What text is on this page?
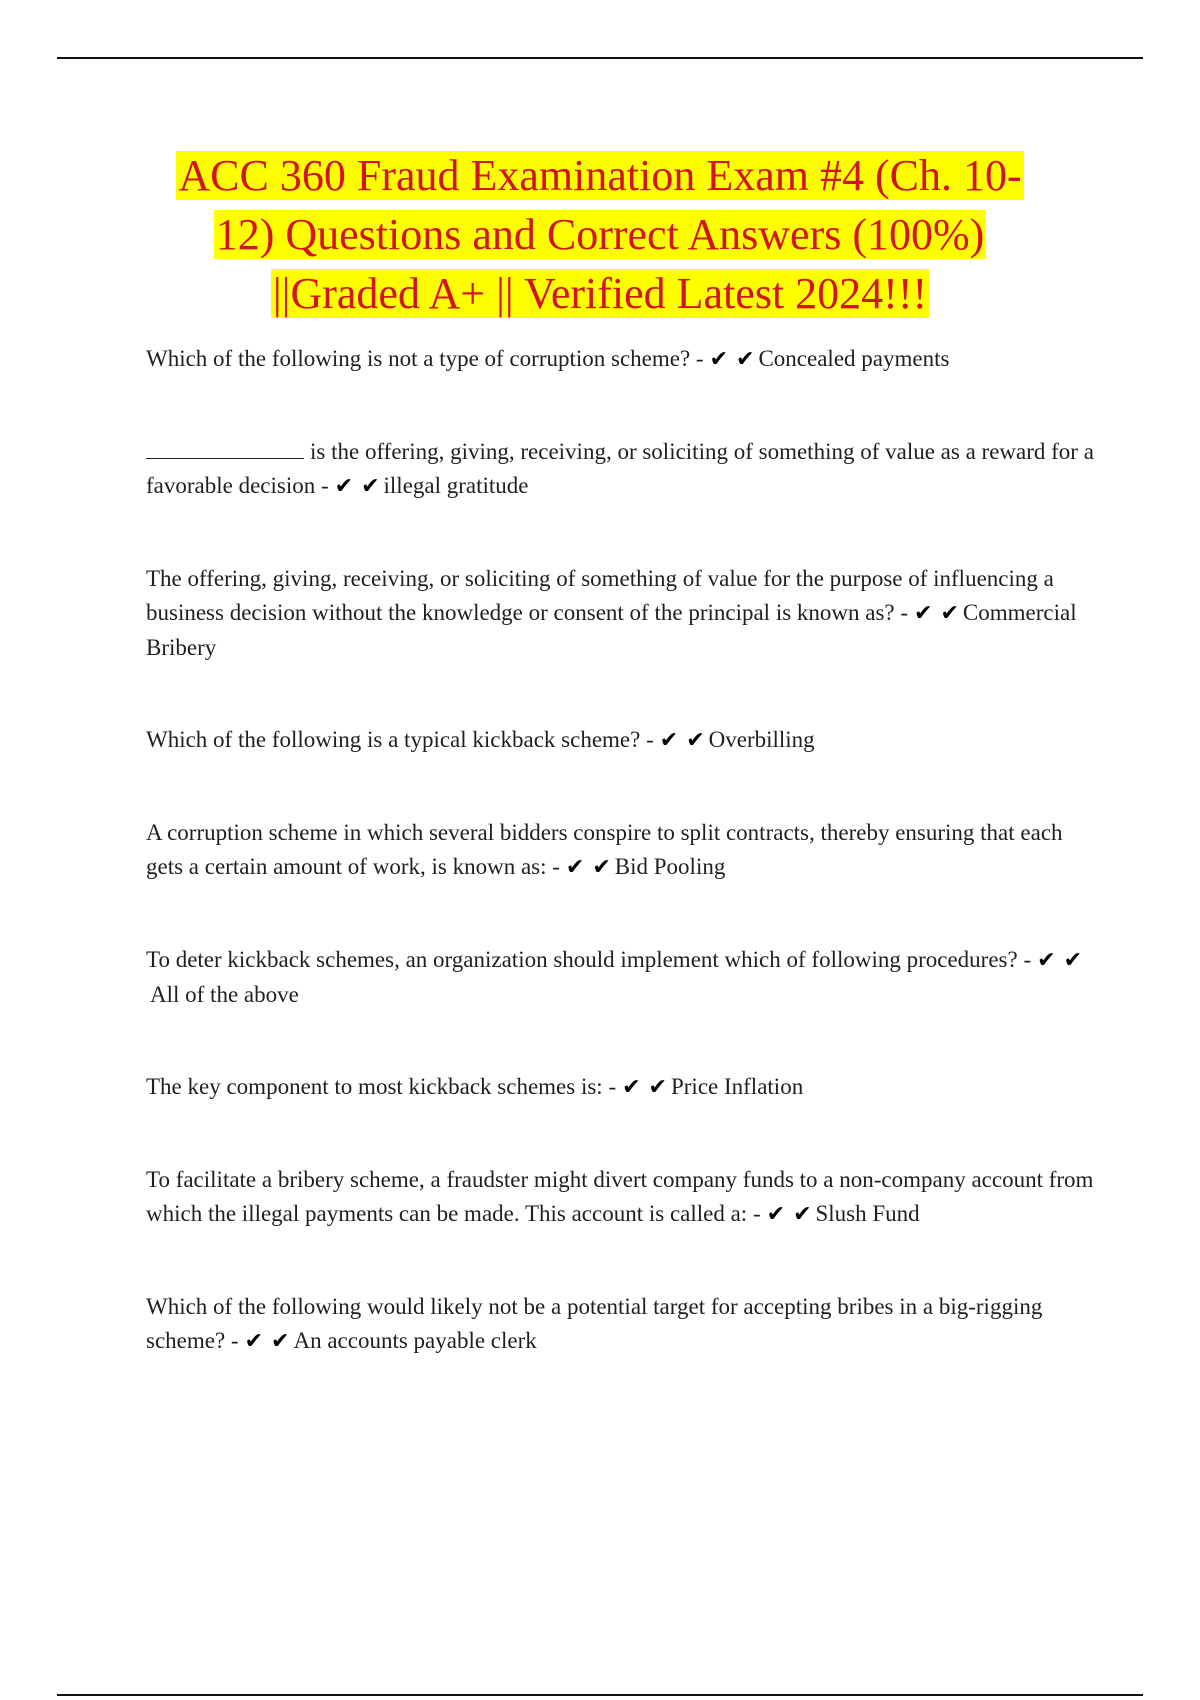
ACC 360 Fraud Examination Exam #4 (Ch. 10-
12) Questions and Correct Answers (100%)
||Graded A+ || Verified Latest 2024!!!
Which of the following is not a type of corruption scheme? - ✔ ✔ Concealed payments
is the offering, giving, receiving, or soliciting of something of value as a reward for a favorable decision - ✔ ✔ illegal gratitude
The offering, giving, receiving, or soliciting of something of value for the purpose of influencing a business decision without the knowledge or consent of the principal is known as? - ✔ ✔ Commercial Bribery
Which of the following is a typical kickback scheme? - ✔ ✔ Overbilling
A corruption scheme in which several bidders conspire to split contracts, thereby ensuring that each gets a certain amount of work, is known as: - ✔ ✔ Bid Pooling
To deter kickback schemes, an organization should implement which of following procedures? - ✔ ✔All of the above
The key component to most kickback schemes is: - ✔ ✔ Price Inflation
To facilitate a bribery scheme, a fraudster might divert company funds to a non-company account from which the illegal payments can be made. This account is called a: - ✔ ✔ Slush Fund
Which of the following would likely not be a potential target for accepting bribes in a big-rigging scheme? - ✔ ✔ An accounts payable clerk
